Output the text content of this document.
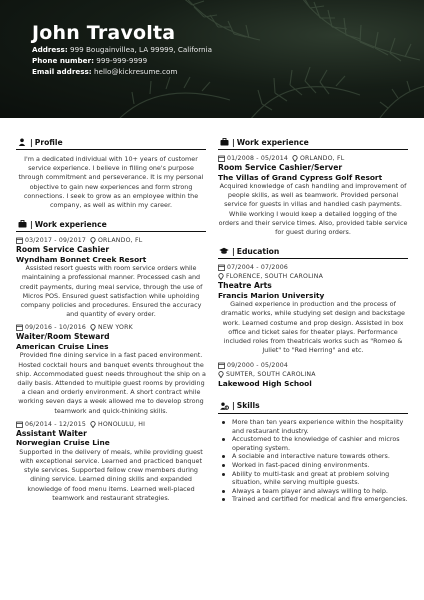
John Travolta
Address: 999 Bougainvillea, LA 99999, California
Phone number: 999-999-9999
Email address: hello@kickresume.com
| Profile

I'm a dedicated individual with 10+ years of customer service experience. I believe in filling one's purpose through commitment and perseverance. It is my personal objective to gain new experiences and form strong connections. I seek to grow as an employee within the company, as well as within my career.

| Work experience
03/2017 - 09/2017 ORLANDO, FL
Room Service Cashier
Wyndham Bonnet Creek Resort

Assisted resort guests with room service orders while maintaining a professional manner. Processed cash and credit payments, during meal service, through the use of Micros POS. Ensured guest satisfaction while upholding company policies and procedures. Ensured the accuracy and quantity of every order.

09/2016 - 10/2016 NEW YORK
Waiter/Room Steward
American Cruise Lines

Provided fine dining service in a fast paced environment. Hosted cocktail hours and banquet events throughout the ship. Accommodated guest needs throughout the ship on a daily basis. Attended to multiple guest rooms by providing a clean and orderly environment. A short contract while working seven days a week allowed me to develop strong teamwork and quick-thinking skills.

06/2014 - 12/2015 HONOLULU, HI
Assistant Waiter
Norwegian Cruise Line

Supported in the delivery of meals, while providing guest with exceptional service. Learned and practiced banquet style services. Supported fellow crew members during dining service. Learned dining skills and expanded knowledge of food menu items. Learned well-placed teamwork and restaurant strategies.

| Work experience
01/2008 - 05/2014 ORLANDO, FL
Room Service Cashier/Server
The Villas of Grand Cypress Golf Resort

Acquired knowledge of cash handling and improvement of people skills, as well as teamwork. Provided personal service for guests in villas and handled cash payments. While working I would keep a detailed logging of the orders and their service times. Also, provided table service for guest during orders.

| Education
07/2004 - 07/2006
FLORENCE, SOUTH CAROLINA
Theatre Arts
Francis Marion University

Gained experience in production and the process of dramatic works, while studying set design and backstage work. Learned costume and prop design. Assisted in box office and ticket sales for theater plays. Performance included roles from theatricals works such as "Romeo & Juliet" to "Red Herring" and etc.

09/2000 - 05/2004
SUMTER, SOUTH CAROLINA
Lakewood High School
| Skills
More than ten years experience within the hospitality and restaurant industry.
Accustomed to the knowledge of cashier and micros operating system.
A sociable and interactive nature towards others.
Worked in fast-paced dining environments.
Ability to multi-task and great at problem solving situation, while serving multiple guests.
Always a team player and always willing to help.
Trained and certified for medical and fire emergencies.
